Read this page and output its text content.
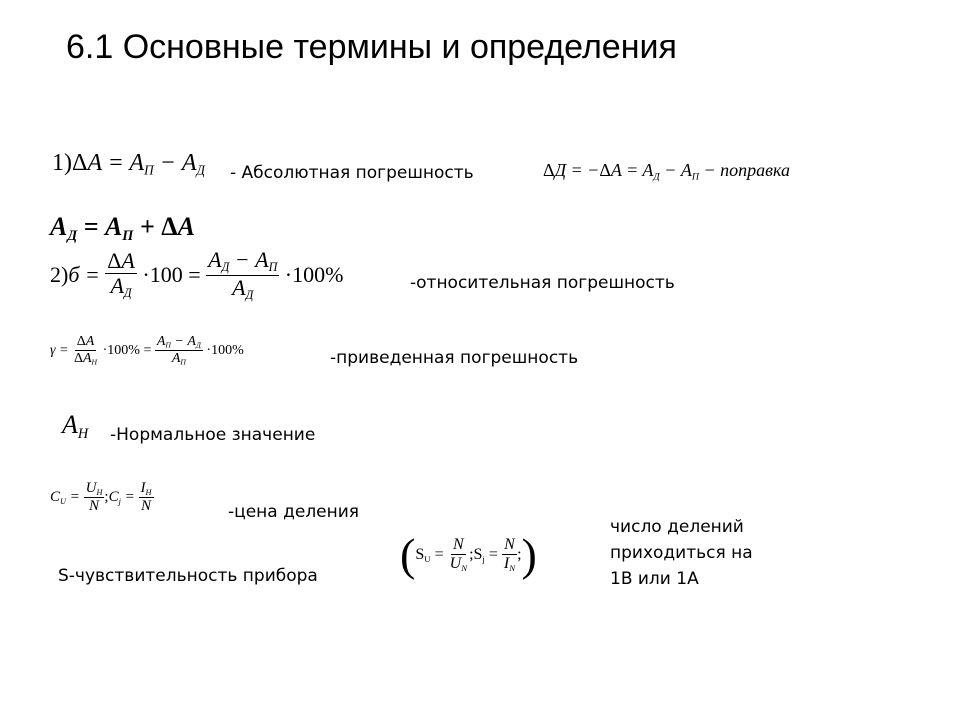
6.1 Основные термины и определения
$1)\Delta A = A_П - A_Д$ - Абсолютная погрешность	$\Delta Д = -\Delta A = A_Д - A_П$ − поправка
$A_Д = A_П + \Delta A$
2) $б = \frac{\Delta A}{A_Д} \cdot 100 = \frac{A_Д - A_П}{A_Д} \cdot 100\%$	-относительная погрешность
$\gamma = \frac{\Delta A}{\Delta A_Н} \cdot 100\% = \frac{A_П - A_Д}{A_П} \cdot 100\%$	-приведенная погрешность
$A_Н$ -Нормальное значение
$C_U = \frac{U_Н}{N}$ ; $C_j = \frac{I_Н}{N}$	-цена деления
S-чувствительность прибора ( $S_U = \frac{N}{U_N}$ $;S_j = \frac{N}{I_N}$ ; )
число делений
приходиться на
1В или 1А
